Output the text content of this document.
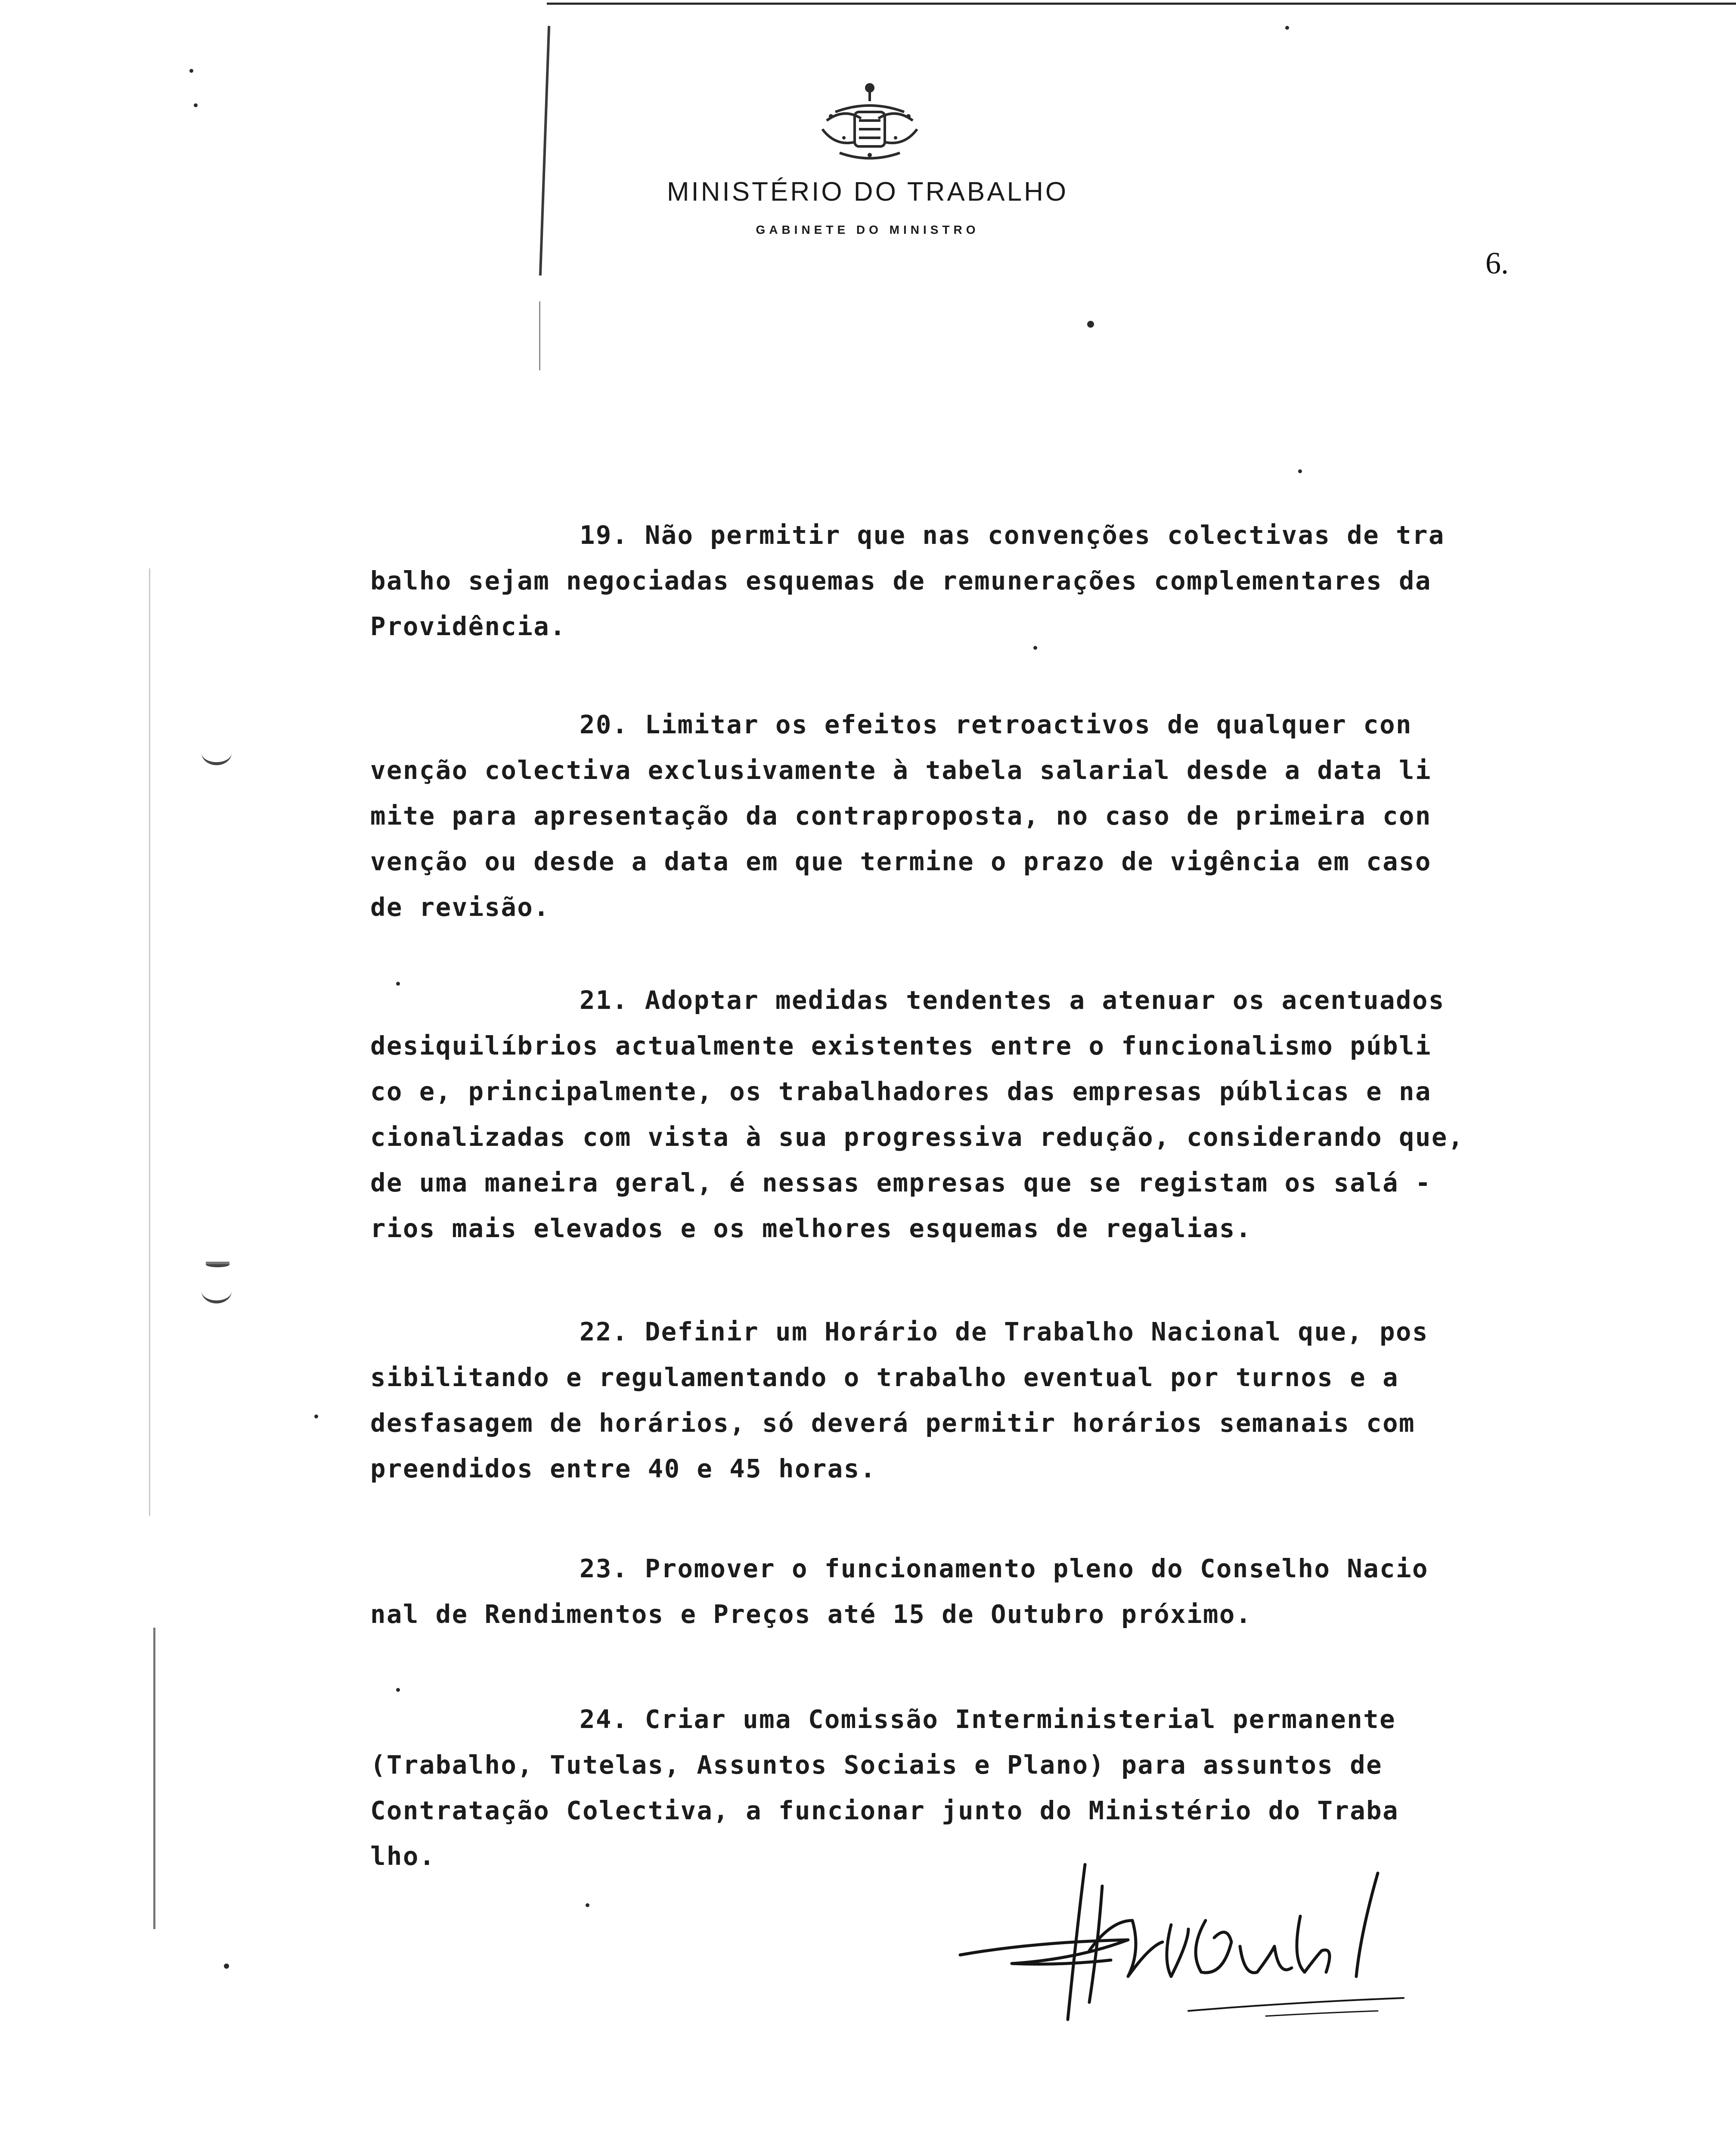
MINISTÉRIO DO TRABALHO
GABINETE DO MINISTRO
6.
19. Não permitir que nas convenções colectivas de tra
balho sejam negociadas esquemas de remunerações complementares da
Providência.
20. Limitar os efeitos retroactivos de qualquer con
venção colectiva exclusivamente à tabela salarial desde a data li
mite para apresentação da contraproposta, no caso de primeira con
venção ou desde a data em que termine o prazo de vigência em caso
de revisão.
21. Adoptar medidas tendentes a atenuar os acentuados
desiquilíbrios actualmente existentes entre o funcionalismo públi
co e, principalmente, os trabalhadores das empresas públicas e na
cionalizadas com vista à sua progressiva redução, considerando que,
de uma maneira geral, é nessas empresas que se registam os salá -
rios mais elevados e os melhores esquemas de regalias.
22. Definir um Horário de Trabalho Nacional que, pos
sibilitando e regulamentando o trabalho eventual por turnos e a
desfasagem de horários, só deverá permitir horários semanais com
preendidos entre 40 e 45 horas.
23. Promover o funcionamento pleno do Conselho Nacio
nal de Rendimentos e Preços até 15 de Outubro próximo.
24. Criar uma Comissão Interministerial permanente
(Trabalho, Tutelas, Assuntos Sociais e Plano) para assuntos de
Contratação Colectiva, a funcionar junto do Ministério do Traba
lho.
